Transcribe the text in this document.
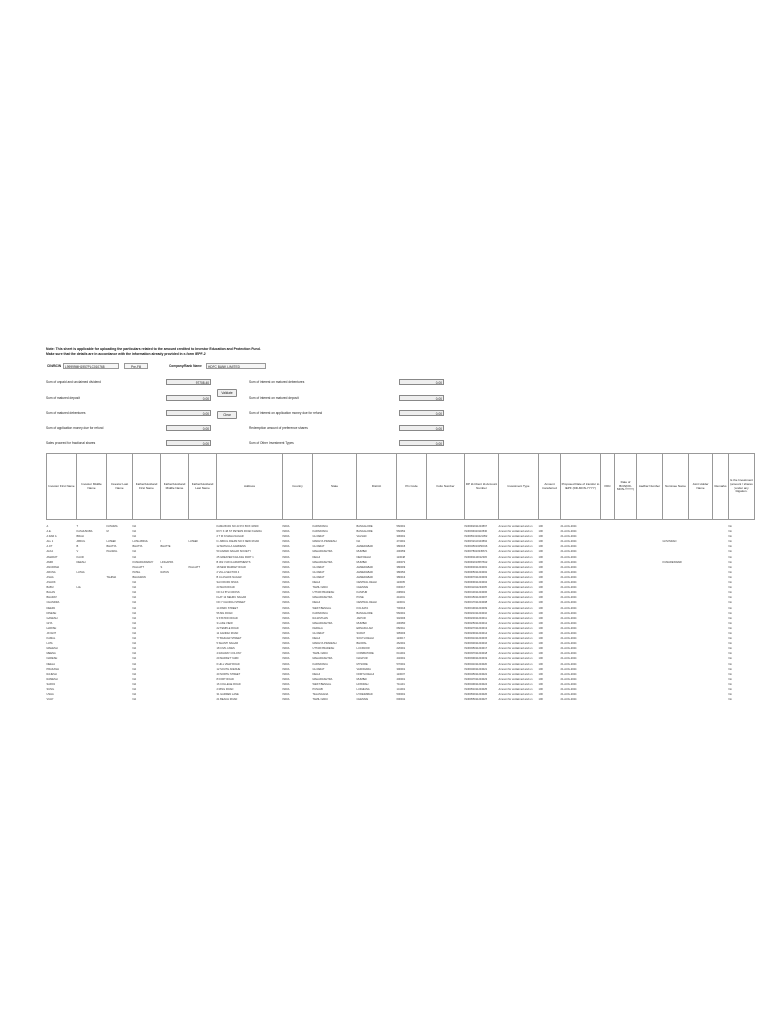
Note: This sheet is applicable for uploading the particulars related to the amount credited to Investor Education and Protection Fund.
Make sure that the details are in accordance with the information already provided in e-form IEPF-2
CIN/BCIN	L99999MH1957PLC010768	Pre-Fill	Company/Bank Name	HDFC BANK LIMITED
Sum of unpaid and unclaimed dividend	97708.40
Sum of matured deposit	0.00
Sum of matured debentures	0.00
Sum of application money due for refund	0.00
Sales proceed for fractional shares	0.00
Sum of interest on matured debentures	0.00
Sum of interest on matured deposit	0.00
Sum of interest on application money due for refund	0.00
Redemption amount of preference shares	0.00
Sum of Other Investment Types	0.00
Validate
Clear
Investor First Name	Investor Middle Name	Investor Last Name	Father/Husband First Name	Father/Husband Middle Name	Father/Husband Last Name	Address	Country	State	District	Pin Code	Folio Number	DP Id-Client Id-Account Number	Investment Type	Amount transferred	Proposed Date of transfer to IEPF (DD-MON-YYYY)	PAN	Date of Birth(DD-MON-YYYY)	Aadhar Number	Nominee Name	Joint Holder Name	Remarks	Is the Investment (amount / shares )under any litigation.
A	T	FATHIMA	NA			KAMA BURJ NO.43 P.O BOX 10609	INDIA	KARNATAKA	BANGALORE	560001		IN30002011234567	Amount for unclaimed and un	100	21-AUG-2024							No
A.E.	KASHUSUBA	M	NA			ROY K 48 ST PETERS ROAD KHAIRA	INDIA	KARNATAKA	BANGALORE	560052		IN30039410110530	Amount for unclaimed and un	100	21-AUG-2024							No
A DAR A	BRAH		NA			2 T M N MAHA NAGAR	INDIA	GUJARAT	VALSAD	396001		IN30051310221052	Amount for unclaimed and un	100	21-AUG-2024							No
ALL 1	ABDUL	LATEEF	LATE ABDUL	I	LATEEF	N. ABDUL RAHIM NO 6 NEW ROAD	INDIA	MADHYA PRADESH	NA	474001		IN30152110134562	Amount for unclaimed and un	100	21-AUG-2024				GOVINDAN			No
A JIT	B	BHATTA	BHATTA	BHATTE		12 MATHULA GARDENS	INDIA	GUJARAT	AHMEDABAD	380015		IN30045010250016	Amount for unclaimed and un	100	21-AUG-2024							No
ALKA	V	PALIWAL	NA			50 ANAND NAGAR SOCIETY	INDIA	MAHARASHTRA	MUMBAI	400059		IN30078310345671	Amount for unclaimed and un	100	21-AUG-2024							No
AMARJIT	KAUR		NA			25 GREATER KAILASH PART 1	INDIA	DELHI	NEW DELHI	110048		IN30001110012345	Amount for unclaimed and un	100	21-AUG-2024							No
AMIR	DEESH		KUMARASWAMY	LINGAPPA		B 302 VIJAYA APARTMENTS	INDIA	MAHARASHTRA	MUMBAI	400072		IN30002010567812	Amount for unclaimed and un	100	21-AUG-2024				KUMARESWARI			No
ANUPAMA			PALLIATT	S	PALLIATT	18 NEW MARKET ROAD	INDIA	GUJARAT	AHMEDABAD	380009		IN30003011234001	Amount for unclaimed and un	100	21-AUG-2024							No
ARUNA	LATHA		PATEL	RATAN		2 VILLA SECTOR 4	INDIA	GUJARAT	AHMEDABAD	380054		IN30005011234002	Amount for unclaimed and un	100	21-AUG-2024							No
ASHA		TAHIMA	BHAGWAN			B 41 ASHOK NAGAR	INDIA	GUJARAT	AHMEDABAD	380013		IN30007011234003	Amount for unclaimed and un	100	21-AUG-2024							No
ASHOK			NA			SAI KRUPA NIVAS	INDIA	DELHI	CENTRAL DELHI	110005		IN30009011234004	Amount for unclaimed and un	100	21-AUG-2024							No
BABU	LAL		NA			23 MAIN ROAD	INDIA	TAMIL NADU	CHENNAI	600017		IN30011011234005	Amount for unclaimed and un	100	21-AUG-2024							No
BALAN			NA			NO 14 5TH CROSS	INDIA	UTTAR PRADESH	KANPUR	208001		IN30013011234006	Amount for unclaimed and un	100	21-AUG-2024							No
BHARAT			NA			FLAT 12 NEHRU NAGAR	INDIA	MAHARASHTRA	PUNE	411001		IN30015011234007	Amount for unclaimed and un	100	21-AUG-2024							No
CHANDRA			NA			NO 7 CHURCH STREET	INDIA	DELHI	CENTRAL DELHI	110001		IN30017011234008	Amount for unclaimed and un	100	21-AUG-2024							No
DEEPA			NA			14 PARK STREET	INDIA	WEST BENGAL	KOLKATA	700016		IN30019011234009	Amount for unclaimed and un	100	21-AUG-2024							No
DINESH			NA			56 MG ROAD	INDIA	KARNATAKA	BANGALORE	560001		IN30021011234010	Amount for unclaimed and un	100	21-AUG-2024							No
GANESH			NA			9 STATION ROAD	INDIA	RAJASTHAN	JAIPUR	302006		IN30023011234011	Amount for unclaimed and un	100	21-AUG-2024							No
GITA			NA			3 LAKE VIEW	INDIA	MAHARASHTRA	MUMBAI	400050		IN30025011234012	Amount for unclaimed and un	100	21-AUG-2024							No
HARISH			NA			22 TEMPLE ROAD	INDIA	KERALA	ERNAKULAM	682011		IN30027011234013	Amount for unclaimed and un	100	21-AUG-2024							No
JAYANT			NA			11 GANDHI ROAD	INDIA	GUJARAT	SURAT	395003		IN30029011234014	Amount for unclaimed and un	100	21-AUG-2024							No
KAMAL			NA			77 BAZAAR STREET	INDIA	DELHI	SOUTH DELHI	110017		IN30031011234015	Amount for unclaimed and un	100	21-AUG-2024							No
LATA			NA			5 SHANTI NAGAR	INDIA	MADHYA PRADESH	BHOPAL	462001		IN30033011234016	Amount for unclaimed and un	100	21-AUG-2024							No
MAHESH			NA			18 CIVIL LINES	INDIA	UTTAR PRADESH	LUCKNOW	226001		IN30035011234017	Amount for unclaimed and un	100	21-AUG-2024							No
MEENA			NA			4 RAILWAY COLONY	INDIA	TAMIL NADU	COIMBATORE	641001		IN30037011234018	Amount for unclaimed and un	100	21-AUG-2024							No
NARESH			NA			29 MARKET YARD	INDIA	MAHARASHTRA	NAGPUR	440001		IN30039011234019	Amount for unclaimed and un	100	21-AUG-2024							No
NEELA			NA			6 HILL VIEW ROAD	INDIA	KARNATAKA	MYSORE	570001		IN30041011234020	Amount for unclaimed and un	100	21-AUG-2024							No
PRAKASH			NA			12 SOUTH AVENUE	INDIA	GUJARAT	VADODARA	390001		IN30043011234021	Amount for unclaimed and un	100	21-AUG-2024							No
RAJESH			NA			40 NORTH STREET	INDIA	DELHI	NORTH DELHI	110007		IN30045011234022	Amount for unclaimed and un	100	21-AUG-2024							No
RAMESH			NA			8 FORT ROAD	INDIA	MAHARASHTRA	MUMBAI	400001		IN30047011234023	Amount for unclaimed and un	100	21-AUG-2024							No
SAROJ			NA			16 COLLEGE ROAD	INDIA	WEST BENGAL	HOWRAH	711101		IN30049011234024	Amount for unclaimed and un	100	21-AUG-2024							No
SUNIL			NA			2 RING ROAD	INDIA	PUNJAB	LUDHIANA	141001		IN30051011234025	Amount for unclaimed and un	100	21-AUG-2024							No
USHA			NA			31 GARDEN LANE	INDIA	TELANGANA	HYDERABAD	500001		IN30053011234026	Amount for unclaimed and un	100	21-AUG-2024							No
VIJAY			NA			21 BEACH ROAD	INDIA	TAMIL NADU	CHENNAI	600041		IN30055011234027	Amount for unclaimed and un	100	21-AUG-2024							No
